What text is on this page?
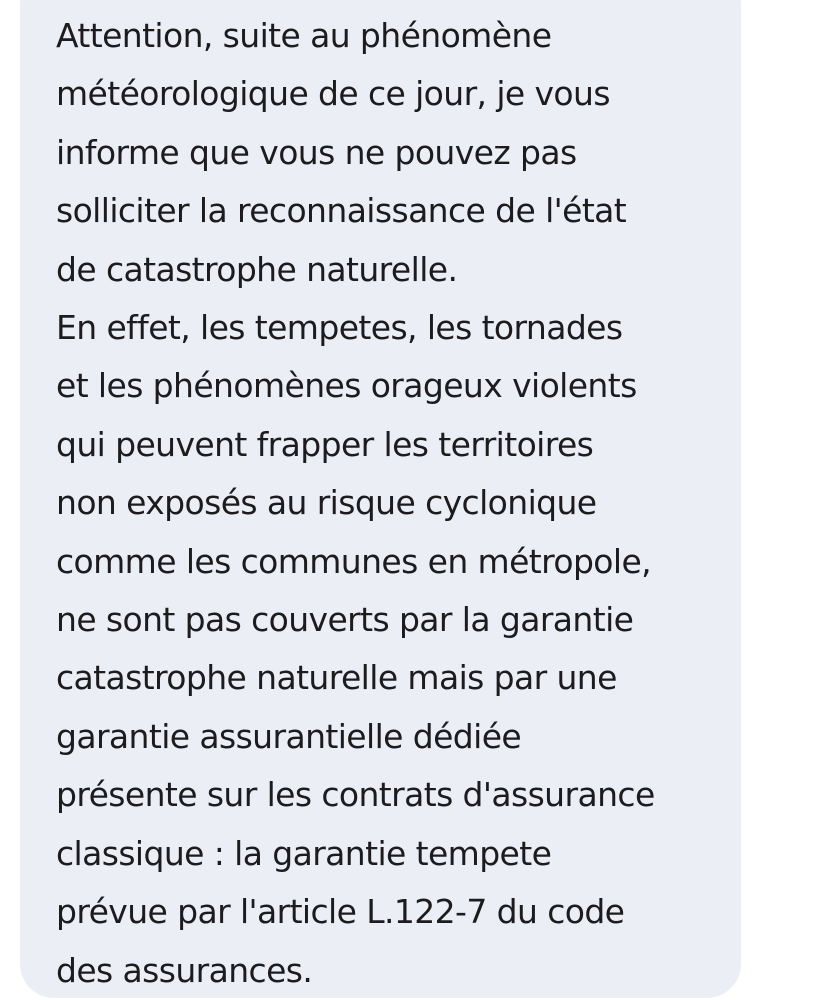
Attention, suite au phénomène
météorologique de ce jour, je vous
informe que vous ne pouvez pas
solliciter la reconnaissance de l'état
de catastrophe naturelle.
En effet, les tempetes, les tornades
et les phénomènes orageux violents
qui peuvent frapper les territoires
non exposés au risque cyclonique
comme les communes en métropole,
ne sont pas couverts par la garantie
catastrophe naturelle mais par une
garantie assurantielle dédiée
présente sur les contrats d'assurance
classique : la garantie tempete
prévue par l'article L.122-7 du code
des assurances.
